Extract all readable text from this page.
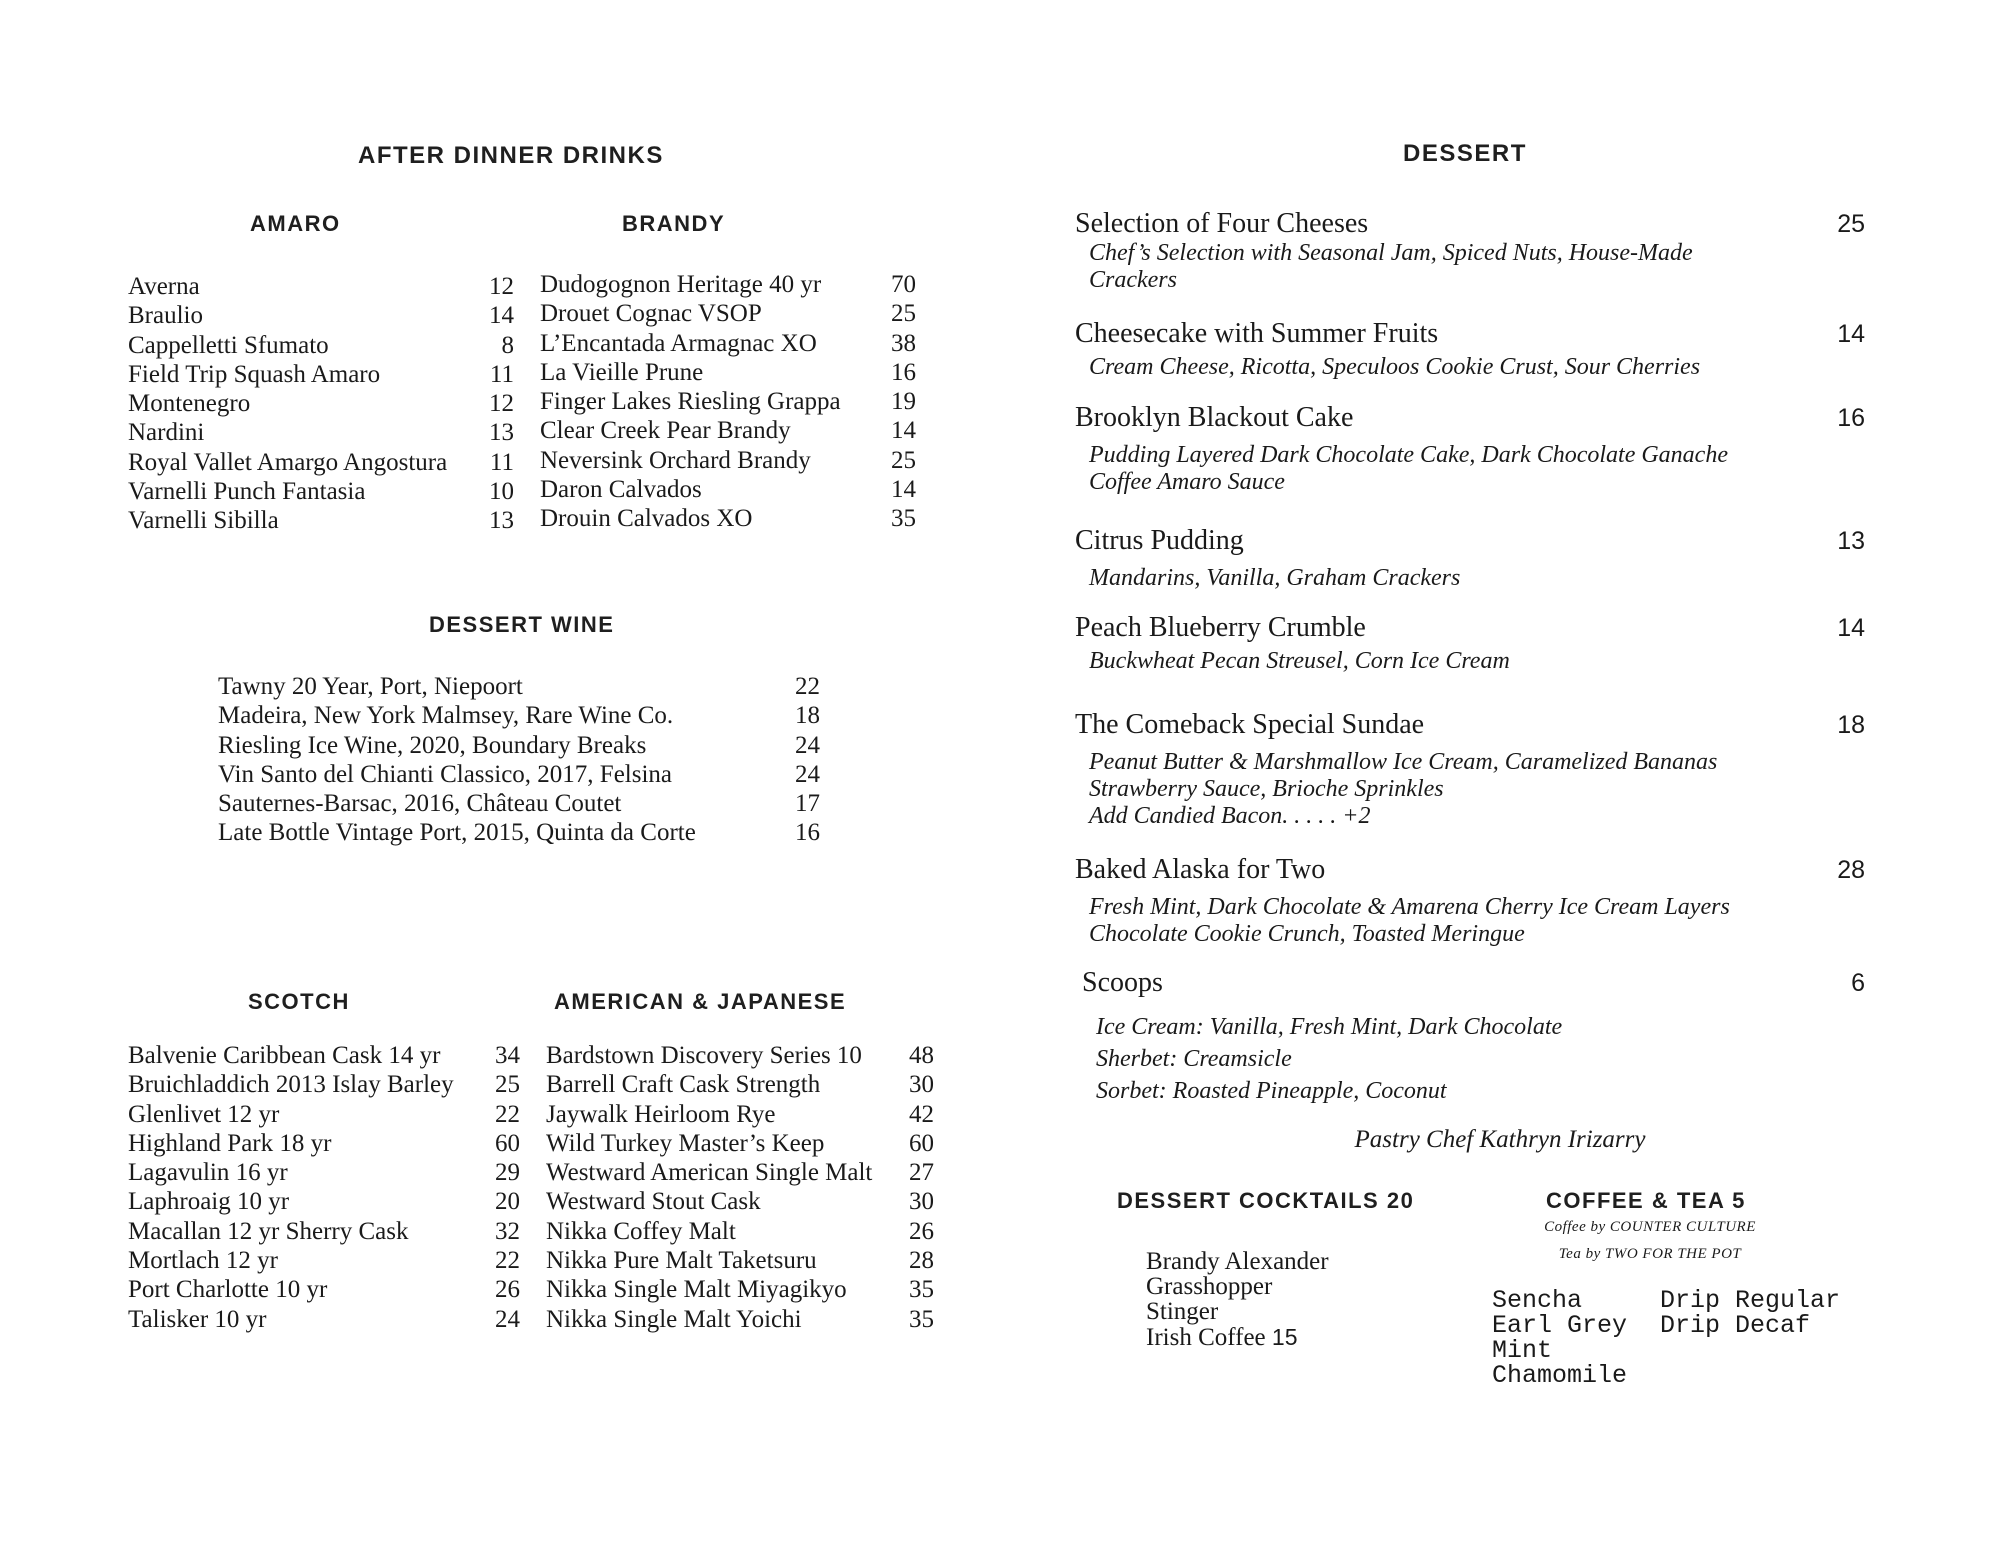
AFTER DINNER DRINKS
AMARO	BRANDY
Averna	12
Braulio	14
Cappelletti Sfumato	8
Field Trip Squash Amaro	11
Montenegro	12
Nardini	13
Royal Vallet Amargo Angostura 11
Varnelli Punch Fantasia	10
Varnelli Sibilla	13
Dudogognon Heritage 40 yr	70
Drouet Cognac VSOP	25
L’Encantada Armagnac XO	38
La Vieille Prune	16
Finger Lakes Riesling Grappa 19
Clear Creek Pear Brandy	14
Neversink Orchard Brandy	25
Daron Calvados	14
Drouin Calvados XO	35
DESSERT WINE
Tawny 20 Year, Port, Niepoort	22
Madeira, New York Malmsey, Rare Wine Co.	18
Riesling Ice Wine, 2020, Boundary Breaks	24
Vin Santo del Chianti Classico, 2017, Felsina	24
Sauternes-Barsac, 2016, Château Coutet	17
Late Bottle Vintage Port, 2015, Quinta da Corte	16
SCOTCH	AMERICAN & JAPANESE
Balvenie Caribbean Cask 14 yr 34
Bruichladdich 2013 Islay Barley 25
Glenlivet 12 yr	22
Highland Park 18 yr	60
Lagavulin 16 yr	29
Laphroaig 10 yr	20
Macallan 12 yr Sherry Cask	32
Mortlach 12 yr	22
Port Charlotte 10 yr	26
Talisker 10 yr	24
Bardstown Discovery Series 10 48
Barrell Craft Cask Strength	30
Jaywalk Heirloom Rye	42
Wild Turkey Master’s Keep	60
Westward American Single Malt 27
Westward Stout Cask	30
Nikka Coffey Malt	26
Nikka Pure Malt Taketsuru	28
Nikka Single Malt Miyagikyo 35
Nikka Single Malt Yoichi	35
DESSERT
Selection of Four Cheeses	25
Chef’s Selection with Seasonal Jam, Spiced Nuts, House-Made
Crackers
Cheesecake with Summer Fruits	14
Cream Cheese, Ricotta, Speculoos Cookie Crust, Sour Cherries
Brooklyn Blackout Cake	16
Pudding Layered Dark Chocolate Cake, Dark Chocolate Ganache
Coffee Amaro Sauce
Citrus Pudding	13
Mandarins, Vanilla, Graham Crackers
Peach Blueberry Crumble	14
Buckwheat Pecan Streusel, Corn Ice Cream
The Comeback Special Sundae	18
Peanut Butter & Marshmallow Ice Cream, Caramelized Bananas
Strawberry Sauce, Brioche Sprinkles
Add Candied Bacon. . . . . +2
Baked Alaska for Two	28
Fresh Mint, Dark Chocolate & Amarena Cherry Ice Cream Layers
Chocolate Cookie Crunch, Toasted Meringue
Scoops	6
Ice Cream: Vanilla, Fresh Mint, Dark Chocolate
Sherbet: Creamsicle
Sorbet: Roasted Pineapple, Coconut
Pastry Chef Kathryn Irizarry
DESSERT COCKTAILS 20
Brandy Alexander
Grasshopper
Stinger
Irish Coffee 15
COFFEE & TEA 5
Coffee by COUNTER CULTURE
Tea by TWO FOR THE POT
Sencha
Earl Grey
Mint
Chamomile
Drip Regular
Drip Decaf
